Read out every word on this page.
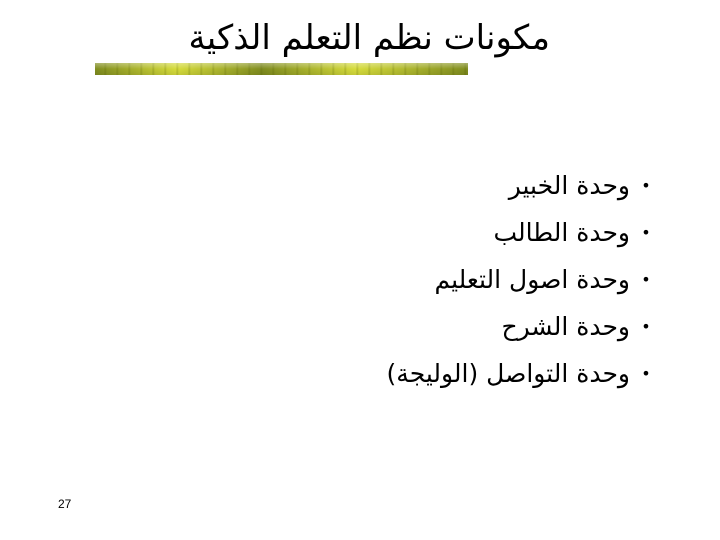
مكونات نظم التعلم الذكية
•
وحدة الخبير
•
وحدة الطالب
•
وحدة اصول التعليم
•
وحدة الشرح
•
وحدة التواصل (الوليجة)
27
